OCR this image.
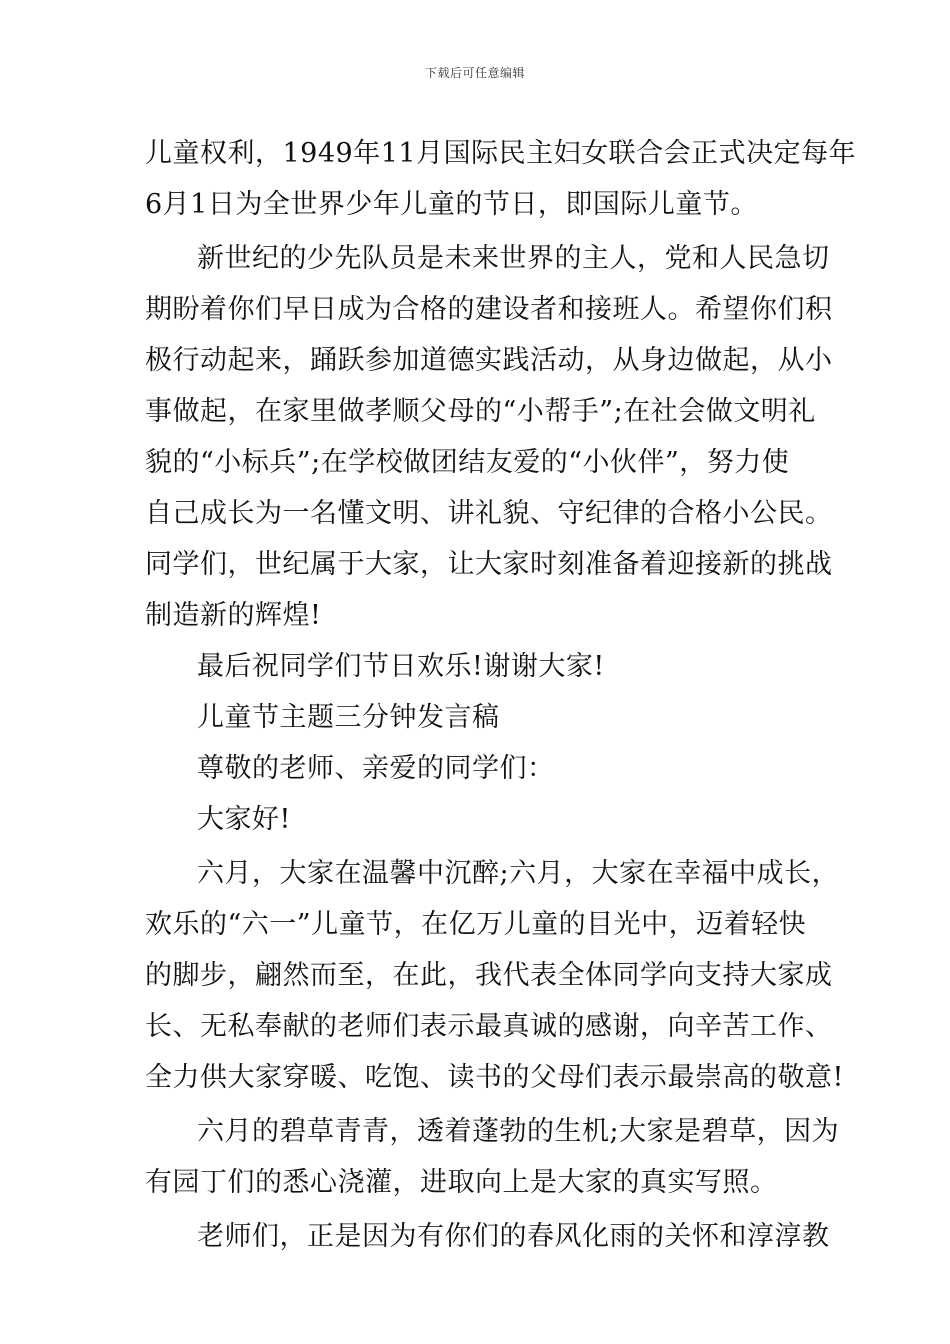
下载后可任意编辑
儿童权利，1949年11月国际民主妇女联合会正式决定每年
6月1日为全世界少年儿童的节日，即国际儿童节。
新世纪的少先队员是未来世界的主人，党和人民急切
期盼着你们早日成为合格的建设者和接班人。希望你们积
极行动起来，踊跃参加道德实践活动，从身边做起，从小
事做起，在家里做孝顺父母的“小帮手”;在社会做文明礼
貌的“小标兵”;在学校做团结友爱的“小伙伴”，努力使
自己成长为一名懂文明、讲礼貌、守纪律的合格小公民。
同学们，世纪属于大家，让大家时刻准备着迎接新的挑战
制造新的辉煌!
最后祝同学们节日欢乐!谢谢大家!
儿童节主题三分钟发言稿
尊敬的老师、亲爱的同学们：
大家好!
六月，大家在温馨中沉醉;六月，大家在幸福中成长，
欢乐的“六一”儿童节，在亿万儿童的目光中，迈着轻快
的脚步，翩然而至，在此，我代表全体同学向支持大家成
长、无私奉献的老师们表示最真诚的感谢，向辛苦工作、
全力供大家穿暖、吃饱、读书的父母们表示最崇高的敬意!
六月的碧草青青，透着蓬勃的生机;大家是碧草，因为
有园丁们的悉心浇灌，进取向上是大家的真实写照。
老师们，正是因为有你们的春风化雨的关怀和淳淳教
